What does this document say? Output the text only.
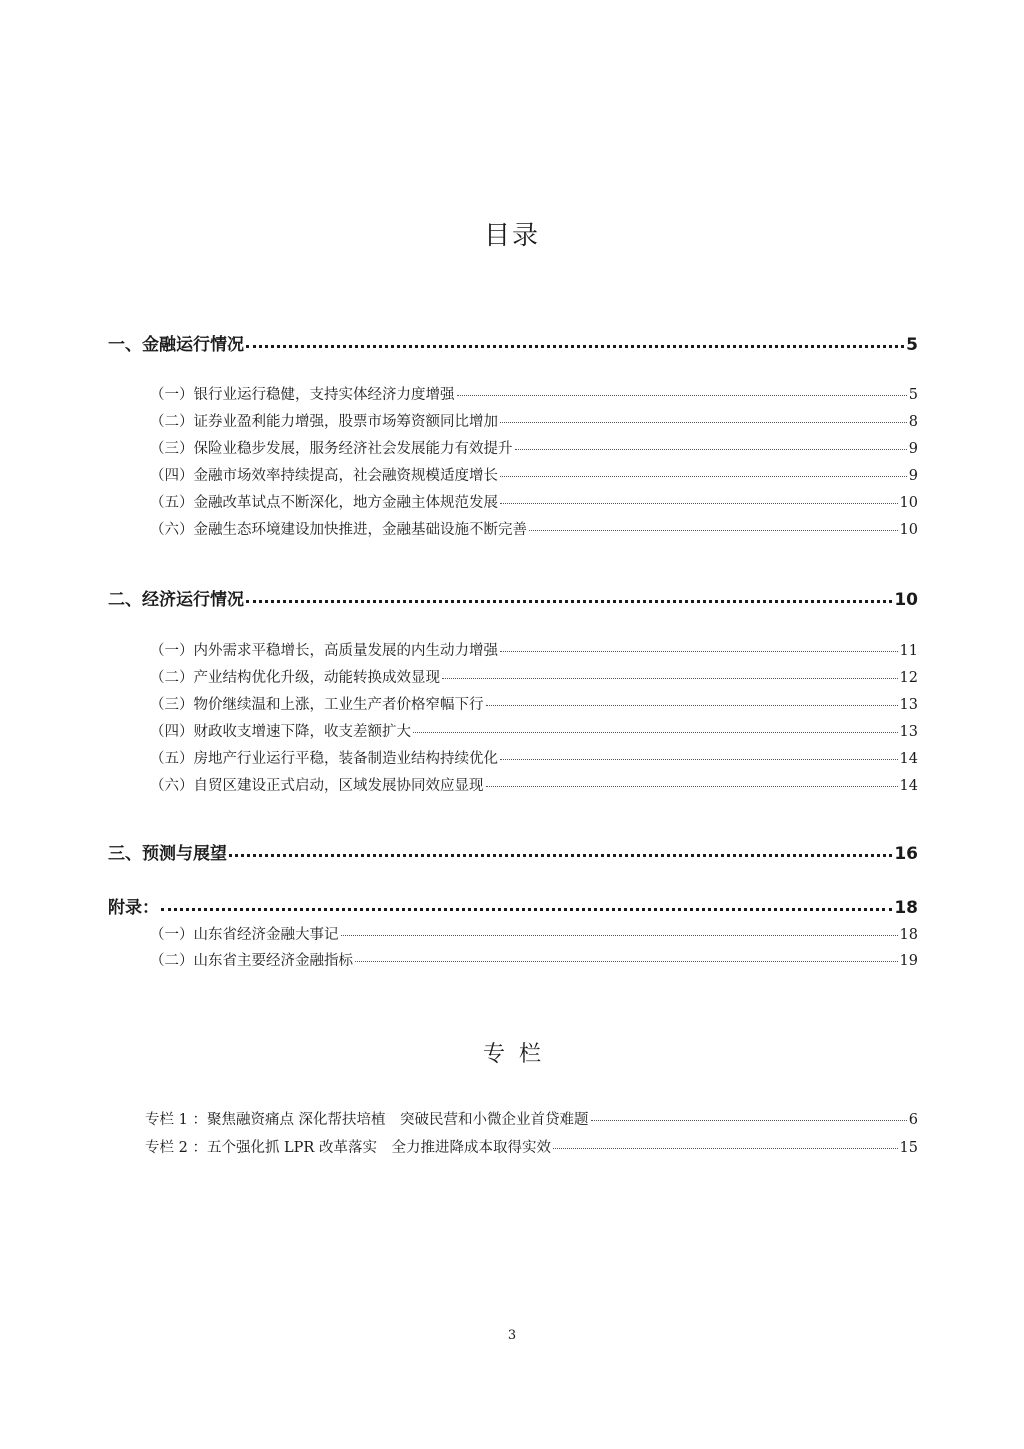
目录
一、金融运行情况	5
（一）银行业运行稳健，支持实体经济力度增强	5
（二）证券业盈利能力增强，股票市场筹资额同比增加	8
（三）保险业稳步发展，服务经济社会发展能力有效提升	9
（四）金融市场效率持续提高，社会融资规模适度增长	9
（五）金融改革试点不断深化，地方金融主体规范发展	10
（六）金融生态环境建设加快推进，金融基础设施不断完善	10
二、经济运行情况	10
（一）内外需求平稳增长，高质量发展的内生动力增强	11
（二）产业结构优化升级，动能转换成效显现	12
（三）物价继续温和上涨，工业生产者价格窄幅下行	13
（四）财政收支增速下降，收支差额扩大	13
（五）房地产行业运行平稳，装备制造业结构持续优化	14
（六）自贸区建设正式启动，区域发展协同效应显现	14
三、预测与展望	16
附录：	18
（一）山东省经济金融大事记	18
（二）山东省主要经济金融指标	19
专栏
专栏 1 ：聚焦融资痛点 深化帮扶培植　突破民营和小微企业首贷难题	6
专栏 2 ：五个强化抓 LPR 改革落实　全力推进降成本取得实效	15
3
